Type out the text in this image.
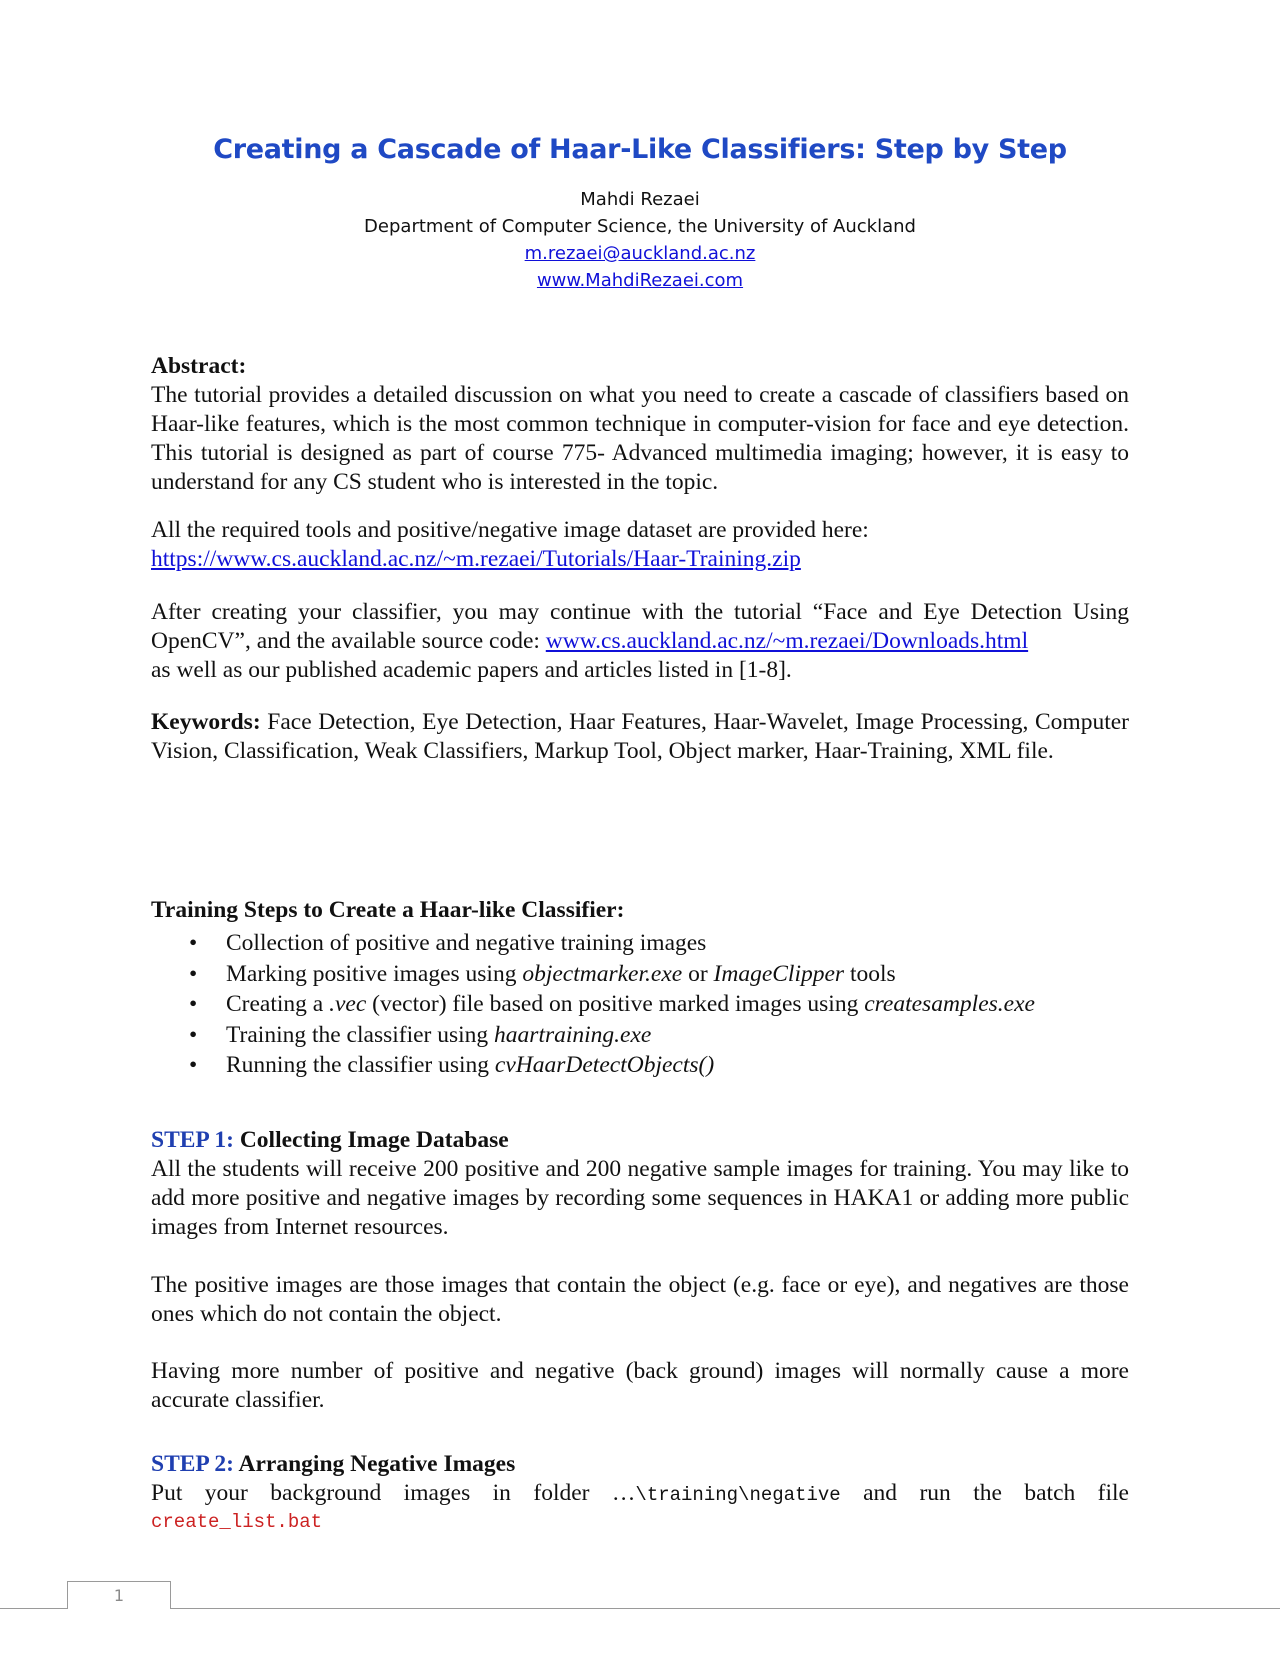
Creating a Cascade of Haar-Like Classifiers: Step by Step
Mahdi Rezaei
Department of Computer Science, the University of Auckland
m.rezaei@auckland.ac.nz
www.MahdiRezaei.com

Abstract:

The tutorial provides a detailed discussion on what you need to create a cascade of classifiers based on Haar-like features, which is the most common technique in computer-vision for face and eye detection. This tutorial is designed as part of course 775- Advanced multimedia imaging; however, it is easy to understand for any CS student who is interested in the topic.

All the required tools and positive/negative image dataset are provided here:

https://www.cs.auckland.ac.nz/~m.rezaei/Tutorials/Haar-Training.zip

After creating your classifier, you may continue with the tutorial “Face and Eye Detection Using OpenCV”, and the available source code: www.cs.auckland.ac.nz/~m.rezaei/Downloads.html

as well as our published academic papers and articles listed in [1-8].

Keywords: Face Detection, Eye Detection, Haar Features, Haar-Wavelet, Image Processing, Computer Vision, Classification, Weak Classifiers, Markup Tool, Object marker, Haar-Training, XML file.

Training Steps to Create a Haar-like Classifier:

• Collection of positive and negative training images
• Marking positive images using objectmarker.exe or ImageClipper tools
• Creating a .vec (vector) file based on positive marked images using createsamples.exe
• Training the classifier using haartraining.exe
• Running the classifier using cvHaarDetectObjects()

STEP 1: Collecting Image Database

All the students will receive 200 positive and 200 negative sample images for training. You may like to add more positive and negative images by recording some sequences in HAKA1 or adding more public images from Internet resources.

The positive images are those images that contain the object (e.g. face or eye), and negatives are those ones which do not contain the object.

Having more number of positive and negative (back ground) images will normally cause a more accurate classifier.

STEP 2: Arranging Negative Images

Put your background images in folder …\training\negative and run the batch file

create_list.bat

1
